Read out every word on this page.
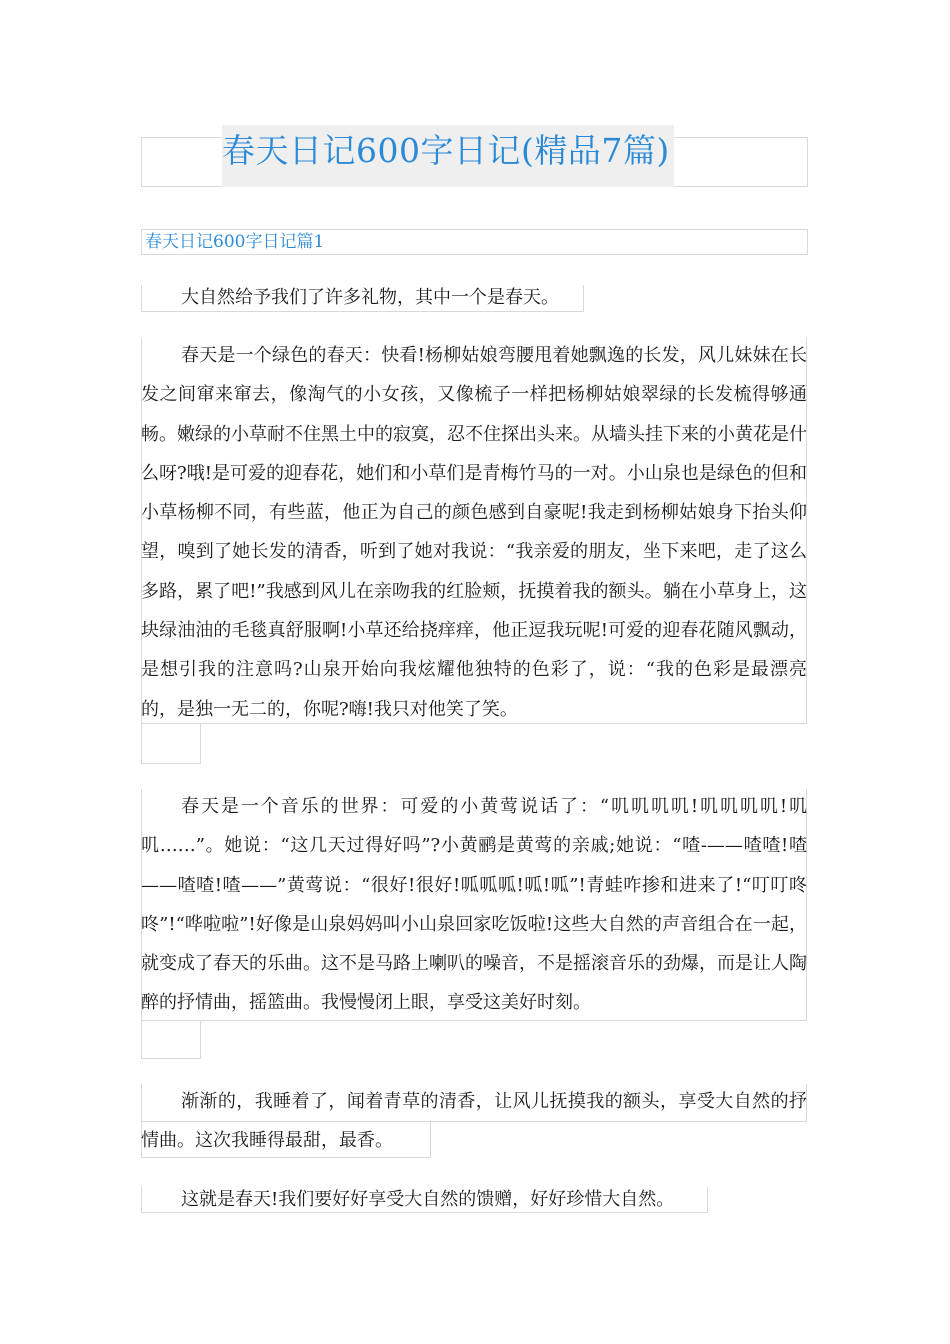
春天日记600字日记(精品7篇)
春天日记600字日记篇1

大自然给予我们了许多礼物，其中一个是春天。

春天是一个绿色的春天：快看!杨柳姑娘弯腰甩着她飘逸的长发，风儿妹妹在长发之间窜来窜去，像淘气的小女孩，又像梳子一样把杨柳姑娘翠绿的长发梳得够通畅。嫩绿的小草耐不住黑土中的寂寞，忍不住探出头来。从墙头挂下来的小黄花是什么呀?哦!是可爱的迎春花，她们和小草们是青梅竹马的一对。小山泉也是绿色的但和小草杨柳不同，有些蓝，他正为自己的颜色感到自豪呢!我走到杨柳姑娘身下抬头仰望，嗅到了她长发的清香，听到了她对我说：“我亲爱的朋友，坐下来吧，走了这么多路，累了吧!”我感到风儿在亲吻我的红脸颊，抚摸着我的额头。躺在小草身上，这块绿油油的毛毯真舒服啊!小草还给挠痒痒，他正逗我玩呢!可爱的迎春花随风飘动，是想引我的注意吗?山泉开始向我炫耀他独特的色彩了，说：“我的色彩是最漂亮的，是独一无二的，你呢?嗨!我只对他笑了笑。

春天是一个音乐的世界：可爱的小黄莺说话了：“叽叽叽叽!叽叽叽叽!叽叽……”。她说：“这几天过得好吗”?小黄鹂是黄莺的亲戚;她说：“喳-——喳喳!喳——喳喳!喳——”黄莺说：“很好!很好!呱呱呱!呱!呱”!青蛙咋掺和进来了!“叮叮咚咚”!“哗啦啦”!好像是山泉妈妈叫小山泉回家吃饭啦!这些大自然的声音组合在一起，就变成了春天的乐曲。这不是马路上喇叭的噪音，不是摇滚音乐的劲爆，而是让人陶醉的抒情曲，摇篮曲。我慢慢闭上眼，享受这美好时刻。

渐渐的，我睡着了，闻着青草的清香，让风儿抚摸我的额头，享受大自然的抒情曲。这次我睡得最甜，最香。

这就是春天!我们要好好享受大自然的馈赠，好好珍惜大自然。
